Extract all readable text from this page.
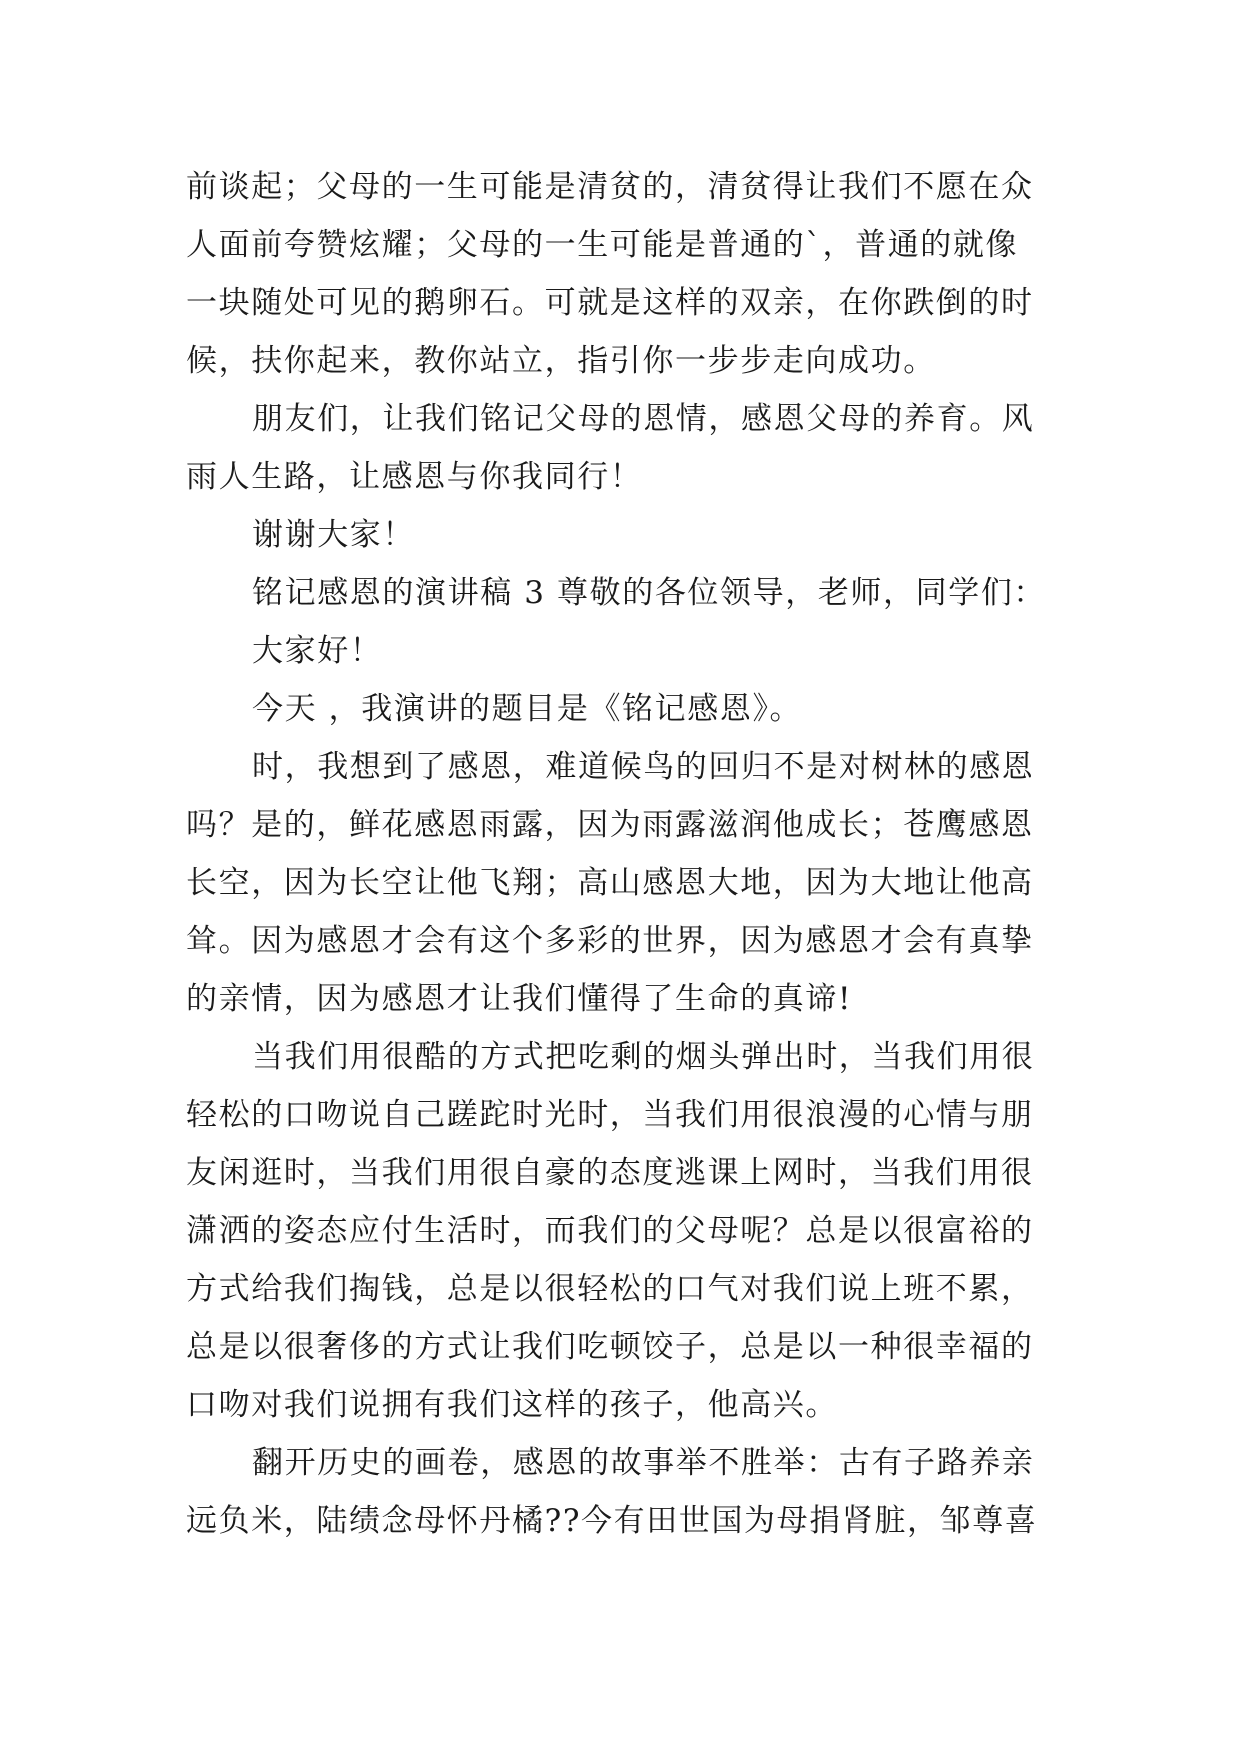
前谈起；父母的一生可能是清贫的，清贫得让我们不愿在众
人面前夸赞炫耀；父母的一生可能是普通的`，普通的就像
一块随处可见的鹅卵石。可就是这样的双亲，在你跌倒的时
候，扶你起来，教你站立，指引你一步步走向成功。
朋友们，让我们铭记父母的恩情，感恩父母的养育。风
雨人生路，让感恩与你我同行！
谢谢大家！
铭记感恩的演讲稿 3 尊敬的各位领导，老师，同学们：
大家好！
今天 ，我演讲的题目是《铭记感恩》。
时，我想到了感恩，难道候鸟的回归不是对树林的感恩
吗？是的，鲜花感恩雨露，因为雨露滋润他成长；苍鹰感恩
长空，因为长空让他飞翔；高山感恩大地，因为大地让他高
耸。因为感恩才会有这个多彩的世界，因为感恩才会有真挚
的亲情，因为感恩才让我们懂得了生命的真谛!
当我们用很酷的方式把吃剩的烟头弹出时，当我们用很
轻松的口吻说自己蹉跎时光时，当我们用很浪漫的心情与朋
友闲逛时，当我们用很自豪的态度逃课上网时，当我们用很
潇洒的姿态应付生活时，而我们的父母呢？总是以很富裕的
方式给我们掏钱，总是以很轻松的口气对我们说上班不累，
总是以很奢侈的方式让我们吃顿饺子，总是以一种很幸福的
口吻对我们说拥有我们这样的孩子，他高兴。
翻开历史的画卷，感恩的故事举不胜举：古有子路养亲
远负米，陆绩念母怀丹橘??今有田世国为母捐肾脏，邹尊喜
